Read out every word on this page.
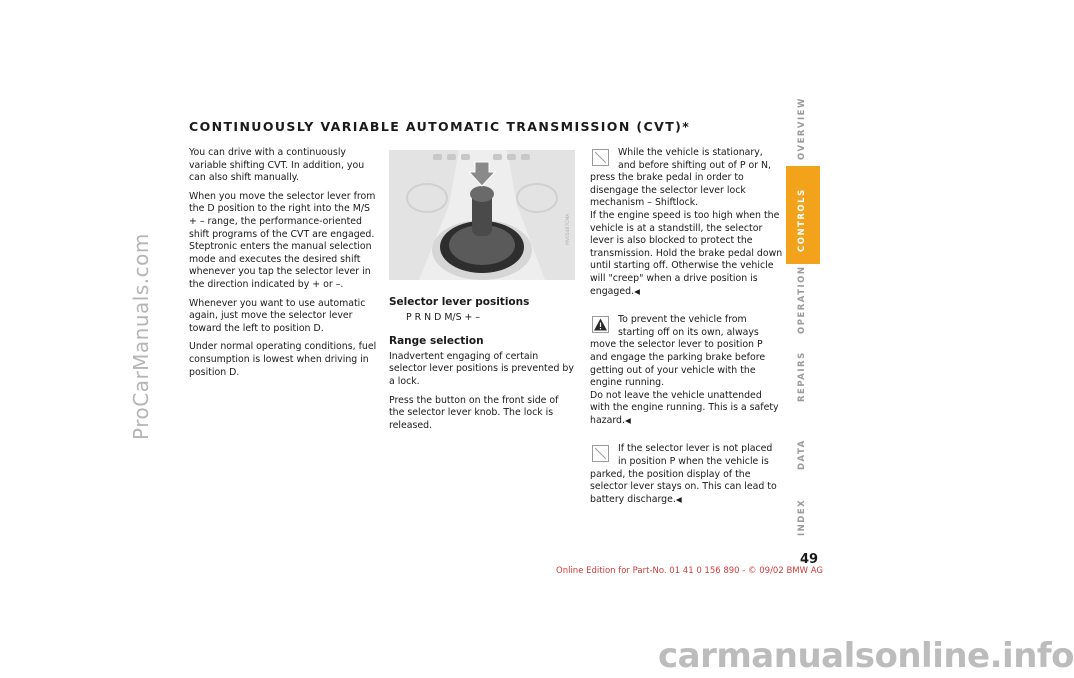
ProCarManuals.com
OVERVIEW
CONTROLS
OPERATION
REPAIRS
DATA
INDEX
CONTINUOUSLY VARIABLE AUTOMATIC TRANSMISSION (CVT)*

You can drive with a continuously variable shifting CVT. In addition, you can also shift manually.

When you move the selector lever from the D position to the right into the M/S + – range, the performance-oriented shift programs of the CVT are engaged. Steptronic enters the manual selection mode and executes the desired shift whenever you tap the selector lever in the direction indicated by + or –.

Whenever you want to use automatic again, just move the selector lever toward the left to position D.

Under normal operating conditions, fuel consumption is lowest when driving in position D.

MV05487CMA
Selector lever positions

P R N D M/S + –

Range selection

Inadvertent engaging of certain selector lever positions is prevented by a lock.

Press the button on the front side of the selector lever knob. The lock is released.

While the vehicle is stationary, and before shifting out of P or N, press the brake pedal in order to disengage the selector lever lock mechanism – Shiftlock.
If the engine speed is too high when the vehicle is at a standstill, the selector lever is also blocked to protect the transmission. Hold the brake pedal down until starting off. Otherwise the vehicle will "creep" when a drive position is engaged.◀
To prevent the vehicle from starting off on its own, always move the selector lever to position P and engage the parking brake before getting out of your vehicle with the engine running.
Do not leave the vehicle unattended with the engine running. This is a safety hazard.◀
If the selector lever is not placed in position P when the vehicle is parked, the position display of the selector lever stays on. This can lead to battery discharge.◀

49

Online Edition for Part-No. 01 41 0 156 890 - © 09/02 BMW AG
carmanualsonline.info
